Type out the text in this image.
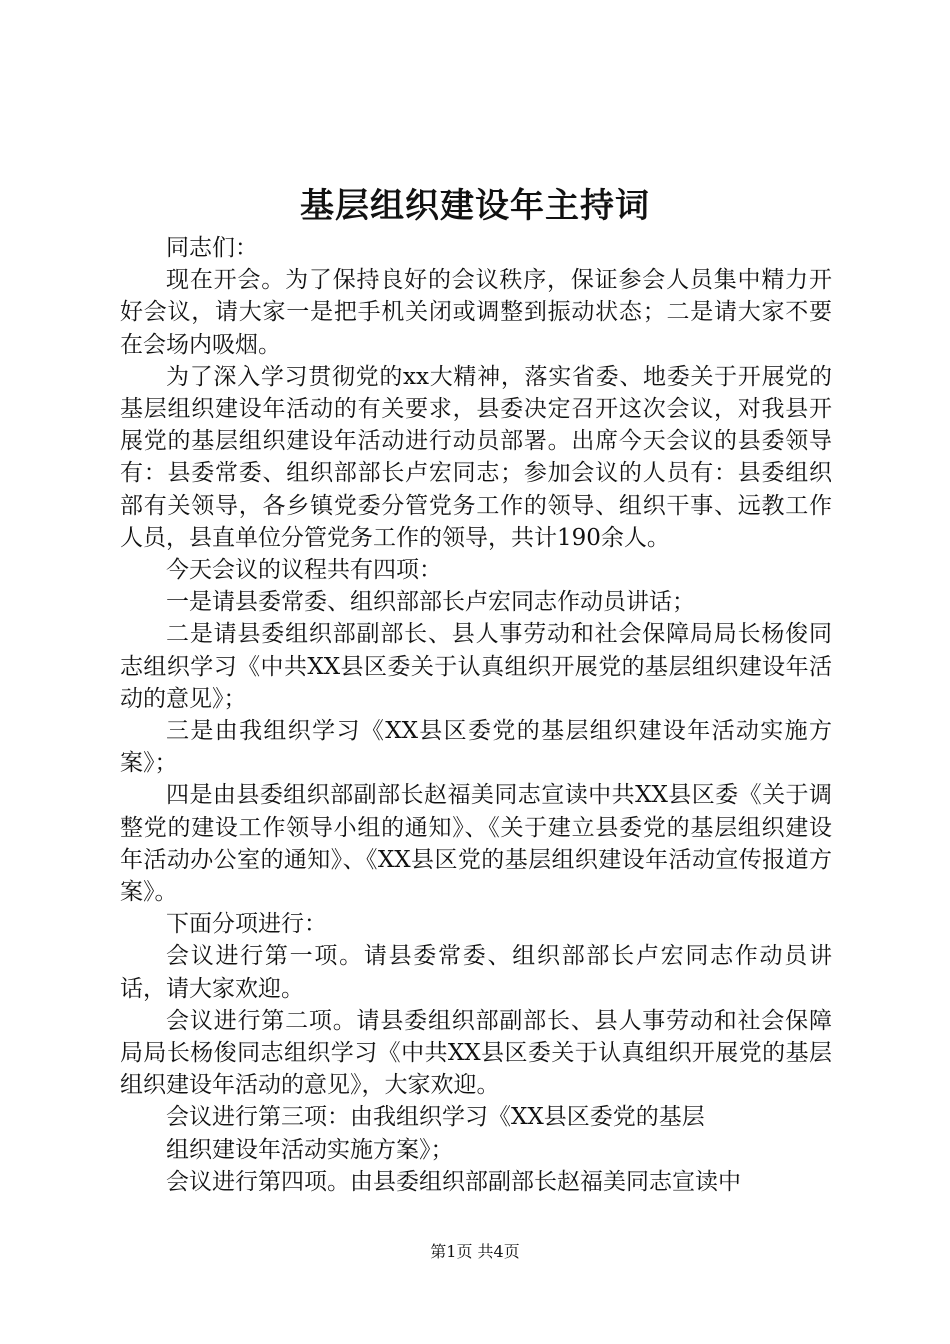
基层组织建设年主持词

同志们：

现在开会。为了保持良好的会议秩序，保证参会人员集中精力开好会议，请大家一是把手机关闭或调整到振动状态；二是请大家不要在会场内吸烟。

为了深入学习贯彻党的xx大精神，落实省委、地委关于开展党的基层组织建设年活动的有关要求，县委决定召开这次会议，对我县开展党的基层组织建设年活动进行动员部署。出席今天会议的县委领导有：县委常委、组织部部长卢宏同志；参加会议的人员有：县委组织部有关领导，各乡镇党委分管党务工作的领导、组织干事、远教工作人员，县直单位分管党务工作的领导，共计190余人。

今天会议的议程共有四项：

一是请县委常委、组织部部长卢宏同志作动员讲话；

二是请县委组织部副部长、县人事劳动和社会保障局局长杨俊同志组织学习《中共XX县区委关于认真组织开展党的基层组织建设年活动的意见》；

三是由我组织学习《XX县区委党的基层组织建设年活动实施方案》；

四是由县委组织部副部长赵福美同志宣读中共XX县区委《关于调整党的建设工作领导小组的通知》、《关于建立县委党的基层组织建设年活动办公室的通知》、《XX县区党的基层组织建设年活动宣传报道方案》。

下面分项进行：

会议进行第一项。请县委常委、组织部部长卢宏同志作动员讲话，请大家欢迎。

会议进行第二项。请县委组织部副部长、县人事劳动和社会保障局局长杨俊同志组织学习《中共XX县区委关于认真组织开展党的基层组织建设年活动的意见》，大家欢迎。

会议进行第三项：由我组织学习《XX县区委党的基层

组织建设年活动实施方案》；

会议进行第四项。由县委组织部副部长赵福美同志宣读中

第1页 共4页
